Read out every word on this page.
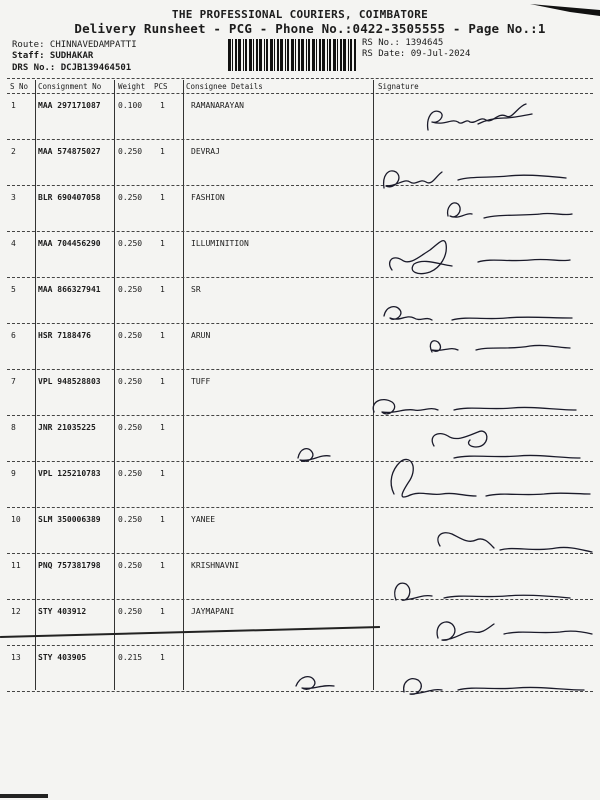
THE PROFESSIONAL COURIERS, COIMBATORE
Delivery Runsheet - PCG - Phone No.:0422-3505555 - Page No.:1
Route: CHINNAVEDAMPATTI
Staff: SUDHAKAR
DRS No.: DCJB139464501
RS No.: 1394645
RS Date: 09-Jul-2024
S No Consignment No Weight PCS Consignee Details	Signature
1	MAA 297171087 0.100 1	RAMANARAYAN
2	MAA 574875027 0.250 1	DEVRAJ
3	BLR 690407058 0.250 1	FASHION
4	MAA 704456290 0.250 1	ILLUMINITION
5	MAA 866327941 0.250 1	SR
6	HSR 7188476	0.250 1	ARUN
7	VPL 948528803 0.250 1	TUFF
8	JNR 21035225	0.250 1
9	VPL 125210783 0.250 1
10 SLM 350006389 0.250 1	YANEE
11 PNQ 757381798 0.250 1	KRISHNAVNI
12 STY 403912	0.250 1	JAYMAPANI
13 STY 403905	0.215 1
